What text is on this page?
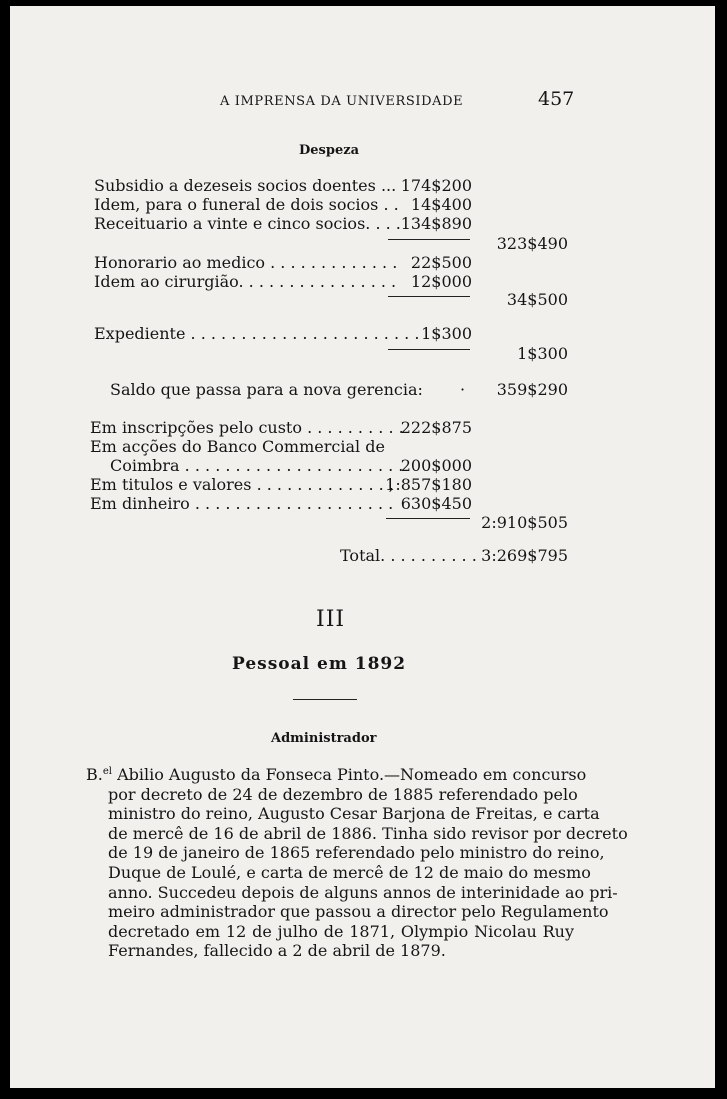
A IMPRENSA DA UNIVERSIDADE	457
Despeza
Subsidio a dezeseis socios doentes ... 174$200
Idem, para o funeral de dois socios . . 14$400
Receituario a vinte e cinco socios. . . . 134$890
323$490
Honorario ao medico . . . . . . . . . . . . . 22$500
Idem ao cirurgião. . . . . . . . . . . . . . . . 12$000
34$500
Expediente . . . . . . . . . . . . . . . . . . . . . . . 1$300
1$300
Saldo que passa para a nova gerencia: ·	359$290
Em inscripções pelo custo . . . . . . . . . .
222$875
Em acções do Banco Commercial de
Coimbra . . . . . . . . . . . . . . . . . . . . . .
200$000
Em titulos e valores . . . . . . . . . . . . . ,
1:857$180
Em dinheiro . . . . . . . . . . . . . . . . . . . . 630$450
2:910$505
Total. . . . . . . . . . 3:269$795
III
Pessoal em 1892
Administrador
B.$^{el}$ Abilio Augusto da Fonseca Pinto.—Nomeado em concurso
por decreto de 24 de dezembro de 1885 referendado pelo
ministro do reino, Augusto Cesar Barjona de Freitas, e carta
de mercê de 16 de abril de 1886. Tinha sido revisor por decreto
de 19 de janeiro de 1865 referendado pelo ministro do reino,
Duque de Loulé, e carta de mercê de 12 de maio do mesmo
anno. Succedeu depois de alguns annos de interinidade ao pri-
meiro administrador que passou a director pelo Regulamento
decretado em 12 de julho de 1871, Olympio Nicolau Ruy
Fernandes, fallecido a 2 de abril de 1879.
